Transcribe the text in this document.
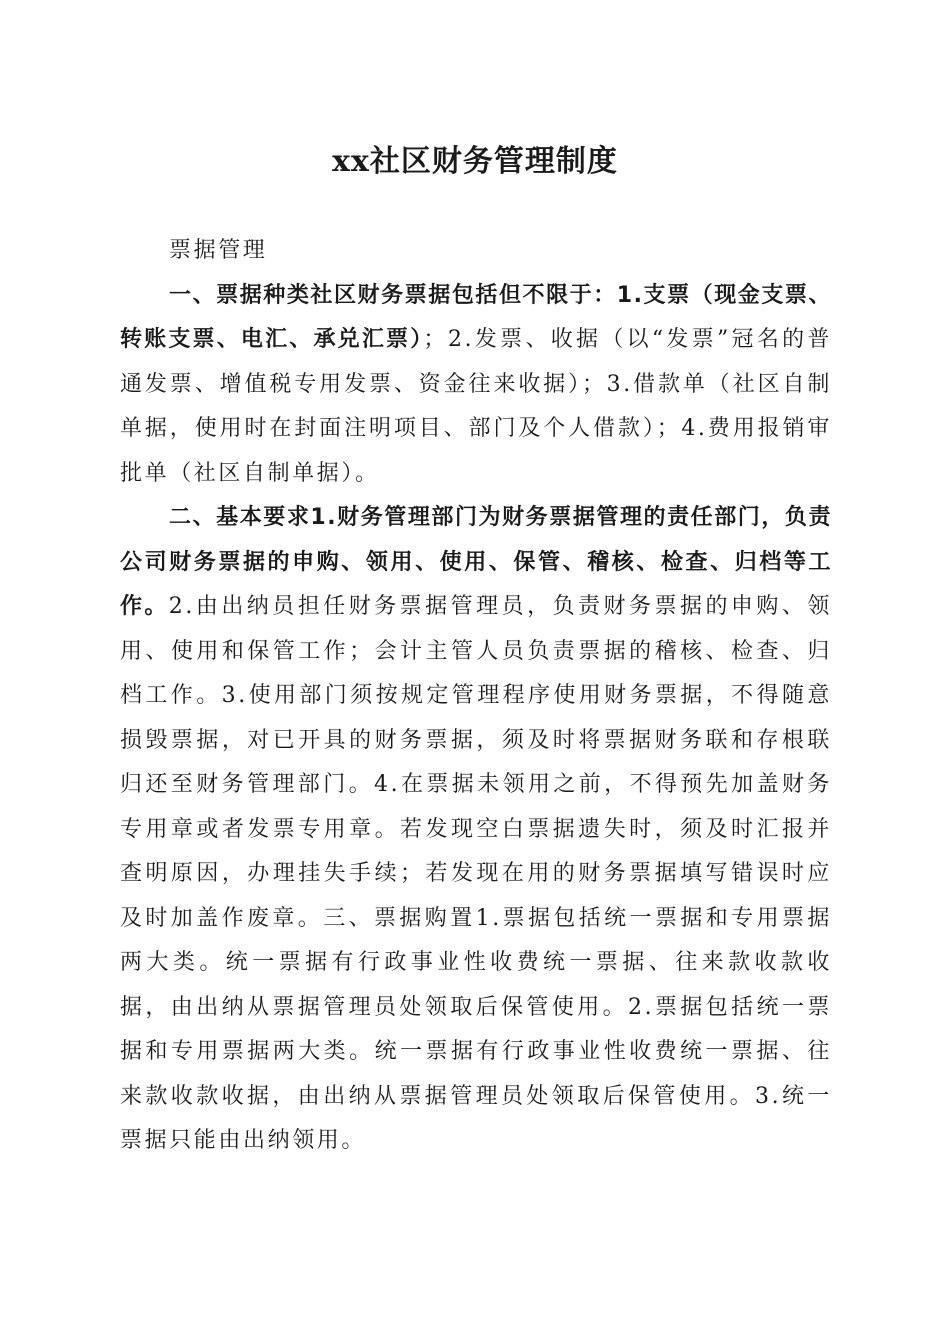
xx社区财务管理制度

票据管理

一、票据种类社区财务票据包括但不限于：1.支票（现金支票、转账支票、电汇、承兑汇票）；2.发票、收据（以“发票”冠名的普通发票、增值税专用发票、资金往来收据）；3.借款单（社区自制单据，使用时在封面注明项目、部门及个人借款）；4.费用报销审批单（社区自制单据）。

二、基本要求1.财务管理部门为财务票据管理的责任部门，负责公司财务票据的申购、领用、使用、保管、稽核、检查、归档等工作。2.由出纳员担任财务票据管理员，负责财务票据的申购、领用、使用和保管工作；会计主管人员负责票据的稽核、检查、归档工作。3.使用部门须按规定管理程序使用财务票据，不得随意损毁票据，对已开具的财务票据，须及时将票据财务联和存根联归还至财务管理部门。4.在票据未领用之前，不得预先加盖财务专用章或者发票专用章。若发现空白票据遗失时，须及时汇报并查明原因，办理挂失手续；若发现在用的财务票据填写错误时应及时加盖作废章。三、票据购置1.票据包括统一票据和专用票据两大类。统一票据有行政事业性收费统一票据、往来款收款收据，由出纳从票据管理员处领取后保管使用。2.票据包括统一票据和专用票据两大类。统一票据有行政事业性收费统一票据、往来款收款收据，由出纳从票据管理员处领取后保管使用。3.统一票据只能由出纳领用。
